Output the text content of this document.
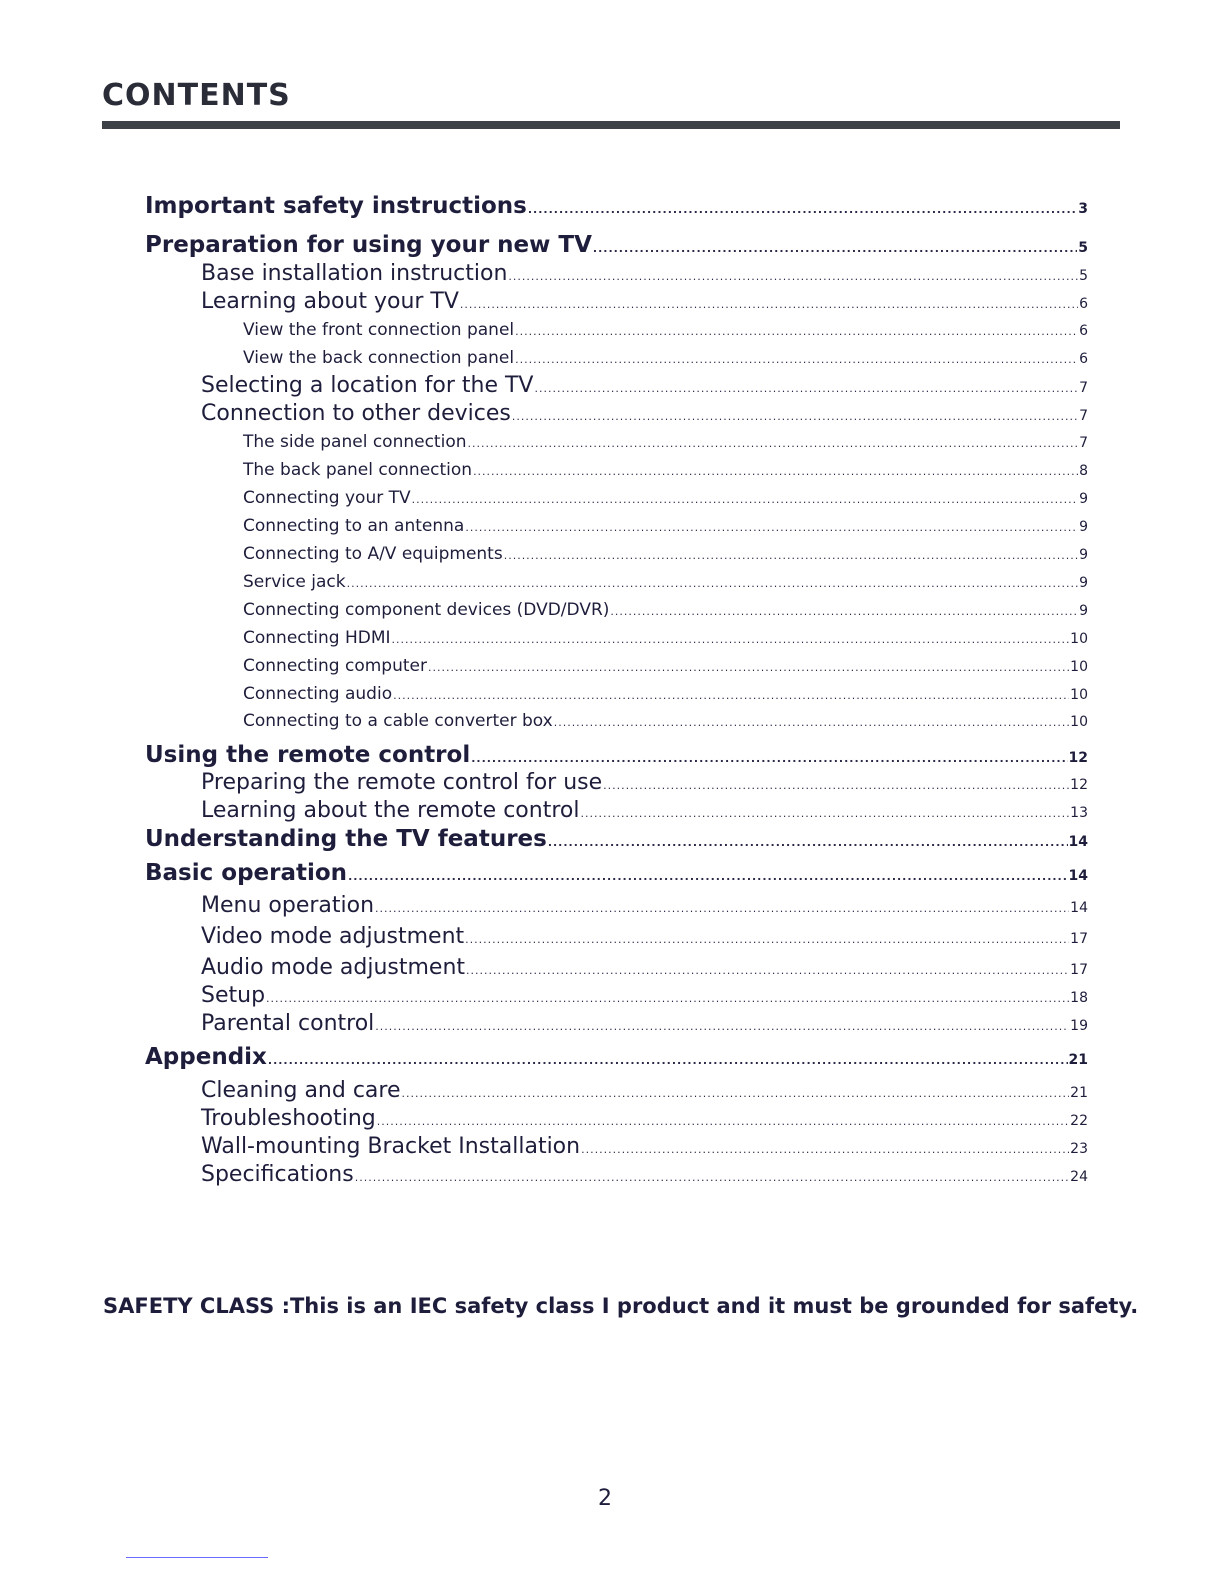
CONTENTS
Important safety instructions .....	3
Preparation for using your new TV .....	5
Base installation instruction .....	5
Learning about your TV .....	6
View the front connection panel .....	6
View the back connection panel .....	6
Selecting a location for the TV .....	7
Connection to other devices .....	7
The side panel connection .....	7
The back panel connection .....	8
Connecting your TV .....	9
Connecting to an antenna .....	9
Connecting to A/V equipments .....	9
Service jack .....	9
Connecting component devices (DVD/DVR) .....	9
Connecting HDMI .....	10
Connecting computer .....	10
Connecting audio .....	10
Connecting to a cable converter box .....	10
Using the remote control .....	12
Preparing the remote control for use .....	12
Learning about the remote control .....	13
Understanding the TV features .....	14
Basic operation .....	14
Menu operation .....	14
Video mode adjustment .....	17
Audio mode adjustment .....	17
Setup .....	18
Parental control .....	19
Appendix .....	21
Cleaning and care .....	21
Troubleshooting .....	22
Wall-mounting Bracket Installation .....	23
Specifications .....	24
SAFETY CLASS :This is an IEC safety class I product and it must be grounded for safety.
2
